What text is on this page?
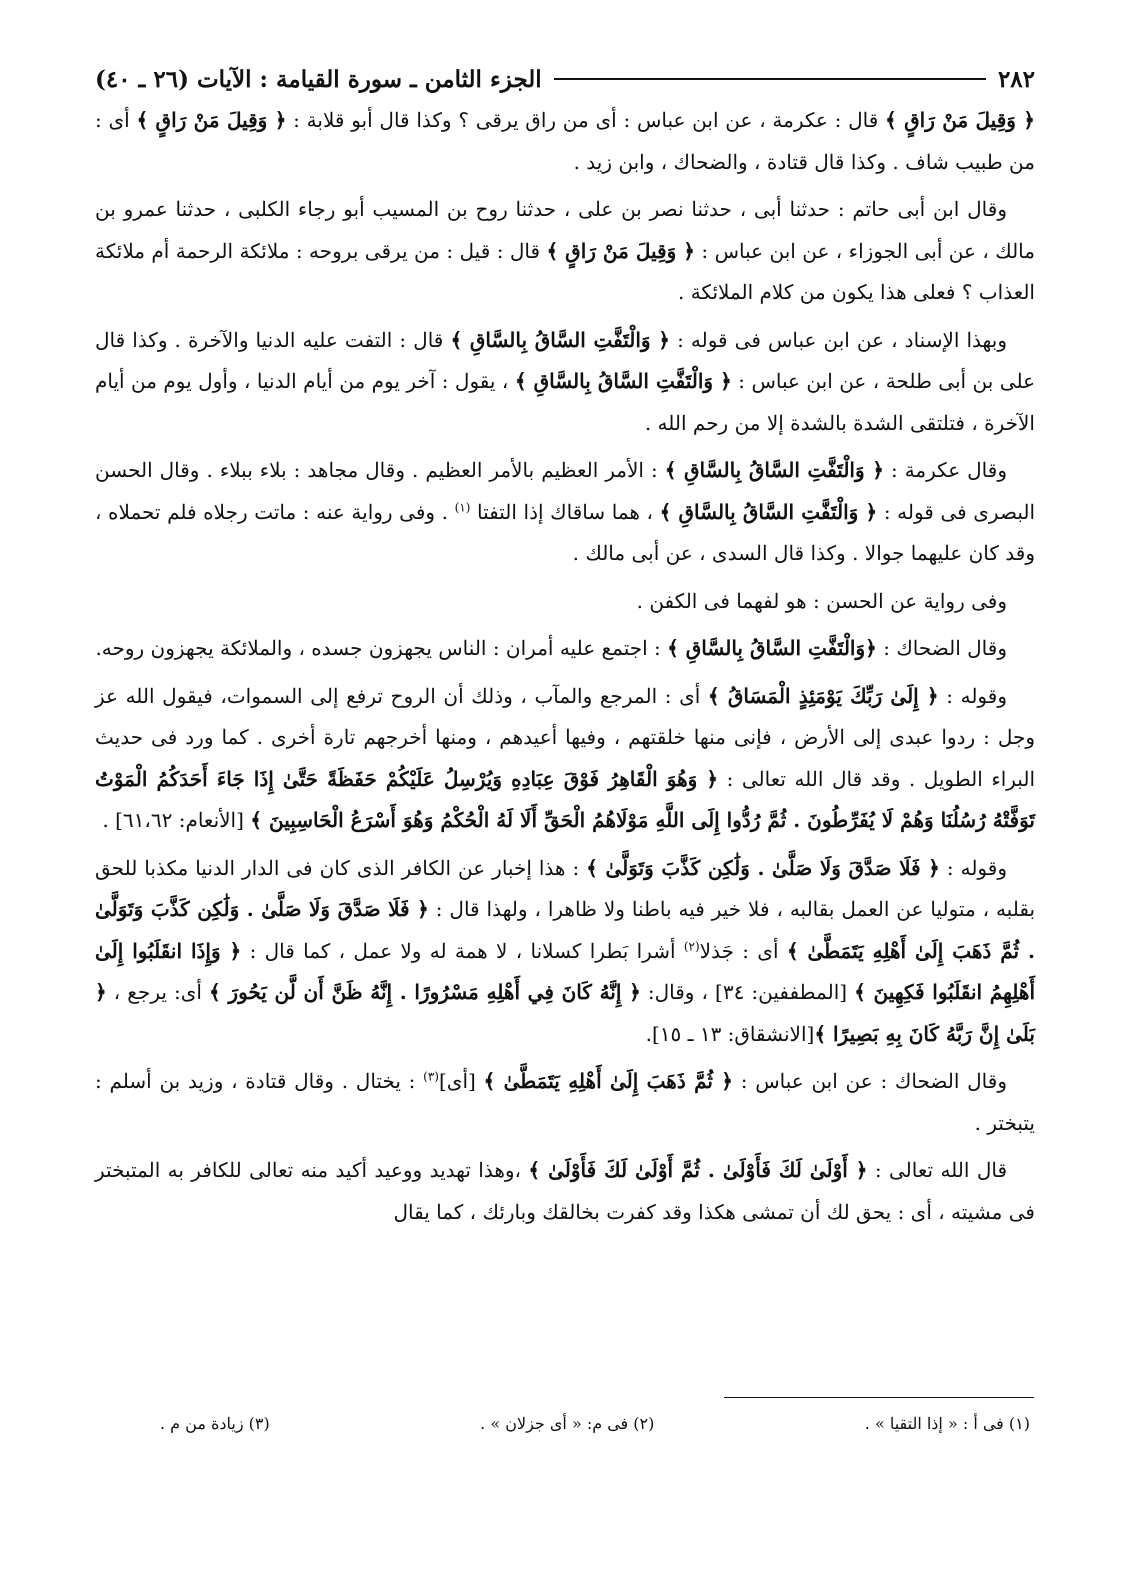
٢٨٢
الجزء الثامن ـ سورة القيامة : الآيات (٢٦ ـ ٤٠)

﴿ وَقِيلَ مَنْ رَاقٍ ﴾ قال : عكرمة ، عن ابن عباس : أى من راق يرقى ؟ وكذا قال أبو قلابة : ﴿ وَقِيلَ مَنْ رَاقٍ ﴾ أى : من طبيب شاف . وكذا قال قتادة ، والضحاك ، وابن زيد .

وقال ابن أبى حاتم : حدثنا أبى ، حدثنا نصر بن على ، حدثنا روح بن المسيب أبو رجاء الكلبى ، حدثنا عمرو بن مالك ، عن أبى الجوزاء ، عن ابن عباس : ﴿ وَقِيلَ مَنْ رَاقٍ ﴾ قال : قيل : من يرقى بروحه : ملائكة الرحمة أم ملائكة العذاب ؟ فعلى هذا يكون من كلام الملائكة .

وبهذا الإسناد ، عن ابن عباس فى قوله : ﴿ وَالْتَفَّتِ السَّاقُ بِالسَّاقِ ﴾ قال : التفت عليه الدنيا والآخرة . وكذا قال على بن أبى طلحة ، عن ابن عباس : ﴿ وَالْتَفَّتِ السَّاقُ بِالسَّاقِ ﴾ ، يقول : آخر يوم من أيام الدنيا ، وأول يوم من أيام الآخرة ، فتلتقى الشدة بالشدة إلا من رحم الله .

وقال عكرمة : ﴿ وَالْتَفَّتِ السَّاقُ بِالسَّاقِ ﴾ : الأمر العظيم بالأمر العظيم . وقال مجاهد : بلاء ببلاء . وقال الحسن البصرى فى قوله : ﴿ وَالْتَفَّتِ السَّاقُ بِالسَّاقِ ﴾ ، هما ساقاك إذا التفتا $^{(١)}$ . وفى رواية عنه : ماتت رجلاه فلم تحملاه ، وقد كان عليهما جوالا . وكذا قال السدى ، عن أبى مالك .

وفى رواية عن الحسن : هو لفهما فى الكفن .

وقال الضحاك : ﴿وَالْتَفَّتِ السَّاقُ بِالسَّاقِ ﴾ : اجتمع عليه أمران : الناس يجهزون جسده ، والملائكة يجهزون روحه.

وقوله : ﴿ إِلَىٰ رَبِّكَ يَوْمَئِذٍ الْمَسَاقُ ﴾ أى : المرجع والمآب ، وذلك أن الروح ترفع إلى السموات، فيقول الله عز وجل : ردوا عبدى إلى الأرض ، فإنى منها خلقتهم ، وفيها أعيدهم ، ومنها أخرجهم تارة أخرى . كما ورد فى حديث البراء الطويل . وقد قال الله تعالى : ﴿ وَهُوَ الْقَاهِرُ فَوْقَ عِبَادِهِ وَيُرْسِلُ عَلَيْكُمْ حَفَظَةً حَتَّىٰ إِذَا جَاءَ أَحَدَكُمُ الْمَوْتُ تَوَفَّتْهُ رُسُلُنَا وَهُمْ لَا يُفَرِّطُونَ . ثُمَّ رُدُّوا إِلَى اللَّهِ مَوْلَاهُمُ الْحَقِّ أَلَا لَهُ الْحُكْمُ وَهُوَ أَسْرَعُ الْحَاسِبِينَ ﴾ [الأنعام: ٦١،٦٢] .

وقوله : ﴿ فَلَا صَدَّقَ وَلَا صَلَّىٰ . وَلَٰكِن كَذَّبَ وَتَوَلَّىٰ ﴾ : هذا إخبار عن الكافر الذى كان فى الدار الدنيا مكذبا للحق بقلبه ، متوليا عن العمل بقالبه ، فلا خير فيه باطنا ولا ظاهرا ، ولهذا قال : ﴿ فَلَا صَدَّقَ وَلَا صَلَّىٰ . وَلَٰكِن كَذَّبَ وَتَوَلَّىٰ . ثُمَّ ذَهَبَ إِلَىٰ أَهْلِهِ يَتَمَطَّىٰ ﴾ أى : جَذلا$^{(٢)}$ أشرا بَطرا كسلانا ، لا همة له ولا عمل ، كما قال : ﴿ وَإِذَا انقَلَبُوا إِلَىٰ أَهْلِهِمُ انقَلَبُوا فَكِهِينَ ﴾ [المطففين: ٣٤] ، وقال: ﴿ إِنَّهُ كَانَ فِي أَهْلِهِ مَسْرُورًا . إِنَّهُ ظَنَّ أَن لَّن يَحُورَ ﴾ أى: يرجع ، ﴿ بَلَىٰ إِنَّ رَبَّهُ كَانَ بِهِ بَصِيرًا ﴾[الانشقاق: ١٣ ـ ١٥].

وقال الضحاك : عن ابن عباس : ﴿ ثُمَّ ذَهَبَ إِلَىٰ أَهْلِهِ يَتَمَطَّىٰ ﴾ [أى]$^{(٣)}$ : يختال . وقال قتادة ، وزيد بن أسلم : يتبختر .

قال الله تعالى : ﴿ أَوْلَىٰ لَكَ فَأَوْلَىٰ . ثُمَّ أَوْلَىٰ لَكَ فَأَوْلَىٰ ﴾ ،وهذا تهديد ووعيد أكيد منه تعالى للكافر به المتبختر فى مشيته ، أى : يحق لك أن تمشى هكذا وقد كفرت بخالقك وبارئك ، كما يقال

(١) فى أ : « إذا التقيا » .
(٢) فى م: « أى جزلان » .
(٣) زيادة من م .
